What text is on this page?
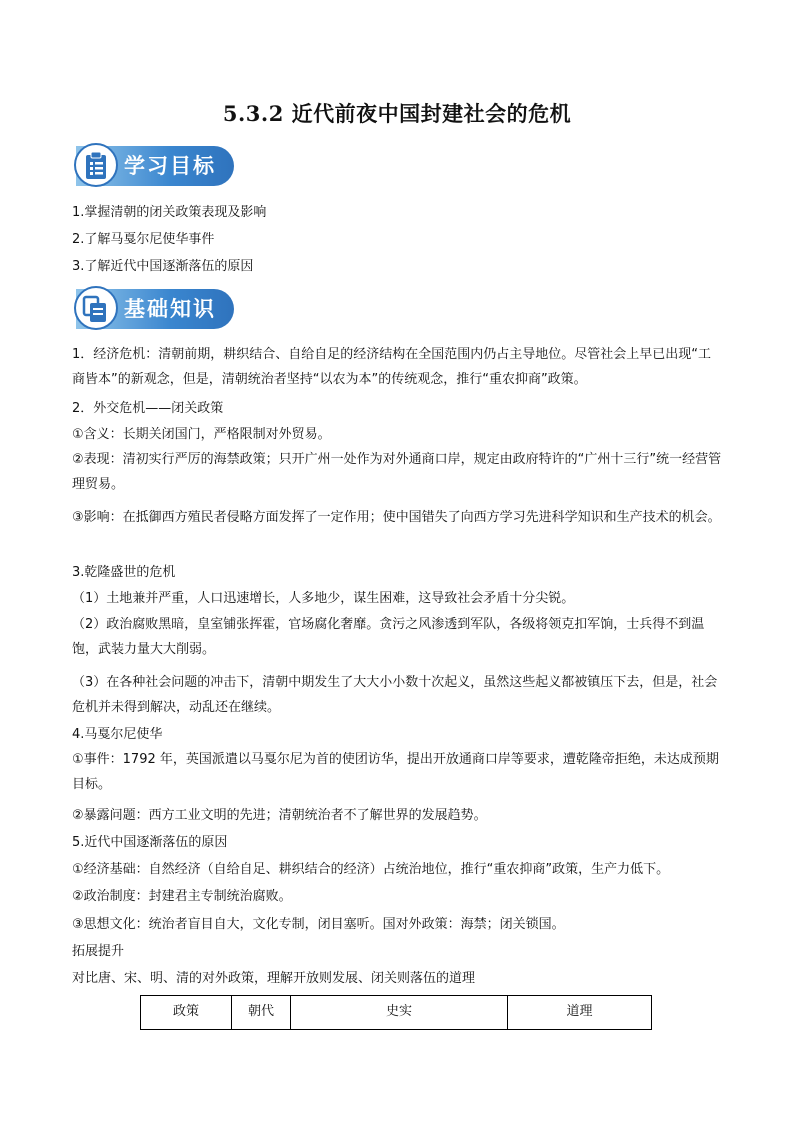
5.3.2 近代前夜中国封建社会的危机
学习目标
1.掌握清朝的闭关政策表现及影响
2.了解马戛尔尼使华事件
3.了解近代中国逐渐落伍的原因
基础知识
1．经济危机：清朝前期，耕织结合、自给自足的经济结构在全国范围内仍占主导地位。尽管社会上早已出现“工商皆本”的新观念，但是，清朝统治者坚持“以农为本”的传统观念，推行“重农抑商”政策。
2．外交危机——闭关政策
①含义：长期关闭国门，严格限制对外贸易。
②表现：清初实行严厉的海禁政策；只开广州一处作为对外通商口岸，规定由政府特许的“广州十三行”统一经营管理贸易。
③影响：在抵御西方殖民者侵略方面发挥了一定作用；使中国错失了向西方学习先进科学知识和生产技术的机会。
3.乾隆盛世的危机
（1）土地兼并严重，人口迅速增长，人多地少，谋生困难，这导致社会矛盾十分尖锐。
（2）政治腐败黑暗，皇室铺张挥霍，官场腐化奢靡。贪污之风渗透到军队，各级将领克扣军饷，士兵得不到温饱，武装力量大大削弱。
（3）在各种社会问题的冲击下，清朝中期发生了大大小小数十次起义，虽然这些起义都被镇压下去，但是，社会危机并未得到解决，动乱还在继续。
4.马戛尔尼使华
①事件：1792 年，英国派遣以马戛尔尼为首的使团访华，提出开放通商口岸等要求，遭乾隆帝拒绝，未达成预期目标。
②暴露问题：西方工业文明的先进；清朝统治者不了解世界的发展趋势。
5.近代中国逐渐落伍的原因
①经济基础：自然经济（自给自足、耕织结合的经济）占统治地位，推行“重农抑商”政策，生产力低下。
②政治制度：封建君主专制统治腐败。
③思想文化：统治者盲目自大，文化专制，闭目塞听。国对外政策：海禁；闭关锁国。
拓展提升
对比唐、宋、明、清的对外政策，理解开放则发展、闭关则落伍的道理
政策	朝代	史实	道理
